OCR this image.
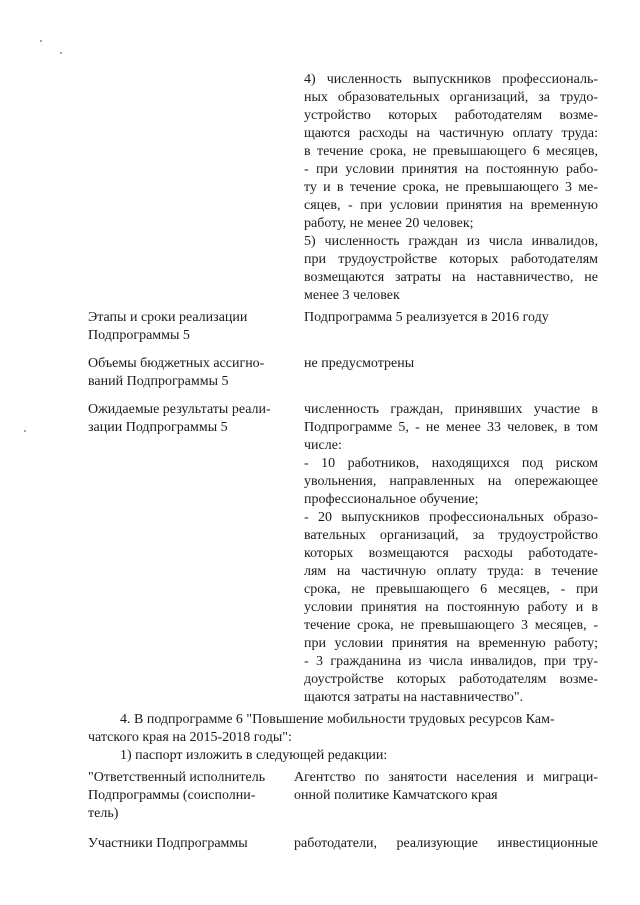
4) численность выпускников профессиональ-
ных образовательных организаций, за трудо-
устройство которых работодателям возме-
щаются расходы на частичную оплату труда:
в течение срока, не превышающего 6 месяцев,
- при условии принятия на постоянную рабо-
ту и в течение срока, не превышающего 3 ме-
сяцев, - при условии принятия на временную
работу, не менее 20 человек;
5) численность граждан из числа инвалидов,
при трудоустройстве которых работодателям
возмещаются затраты на наставничество, не
менее 3 человек
Этапы и сроки реализации
Подпрограммы 5
Подпрограмма 5 реализуется в 2016 году
Объемы бюджетных ассигно-
ваний Подпрограммы 5
не предусмотрены
Ожидаемые результаты реали-
зации Подпрограммы 5
численность граждан, принявших участие в
Подпрограмме 5, - не менее 33 человек, в том
числе:
- 10 работников, находящихся под риском
увольнения, направленных на опережающее
профессиональное обучение;
- 20 выпускников профессиональных образо-
вательных организаций, за трудоустройство
которых возмещаются расходы работодате-
лям на частичную оплату труда: в течение
срока, не превышающего 6 месяцев, - при
условии принятия на постоянную работу и в
течение срока, не превышающего 3 месяцев, -
при условии принятия на временную работу;
- 3 гражданина из числа инвалидов, при тру-
доустройстве которых работодателям возме-
щаются затраты на наставничество".
4. В подпрограмме 6 "Повышение мобильности трудовых ресурсов Кам-
чатского края на 2015-2018 годы":
1) паспорт изложить в следующей редакции:
"Ответственный исполнитель
Подпрограммы (соисполни-
тель)
Агентство по занятости населения и миграци-
онной политике Камчатского края
Участники Подпрограммы	работодатели, реализующие инвестиционные
